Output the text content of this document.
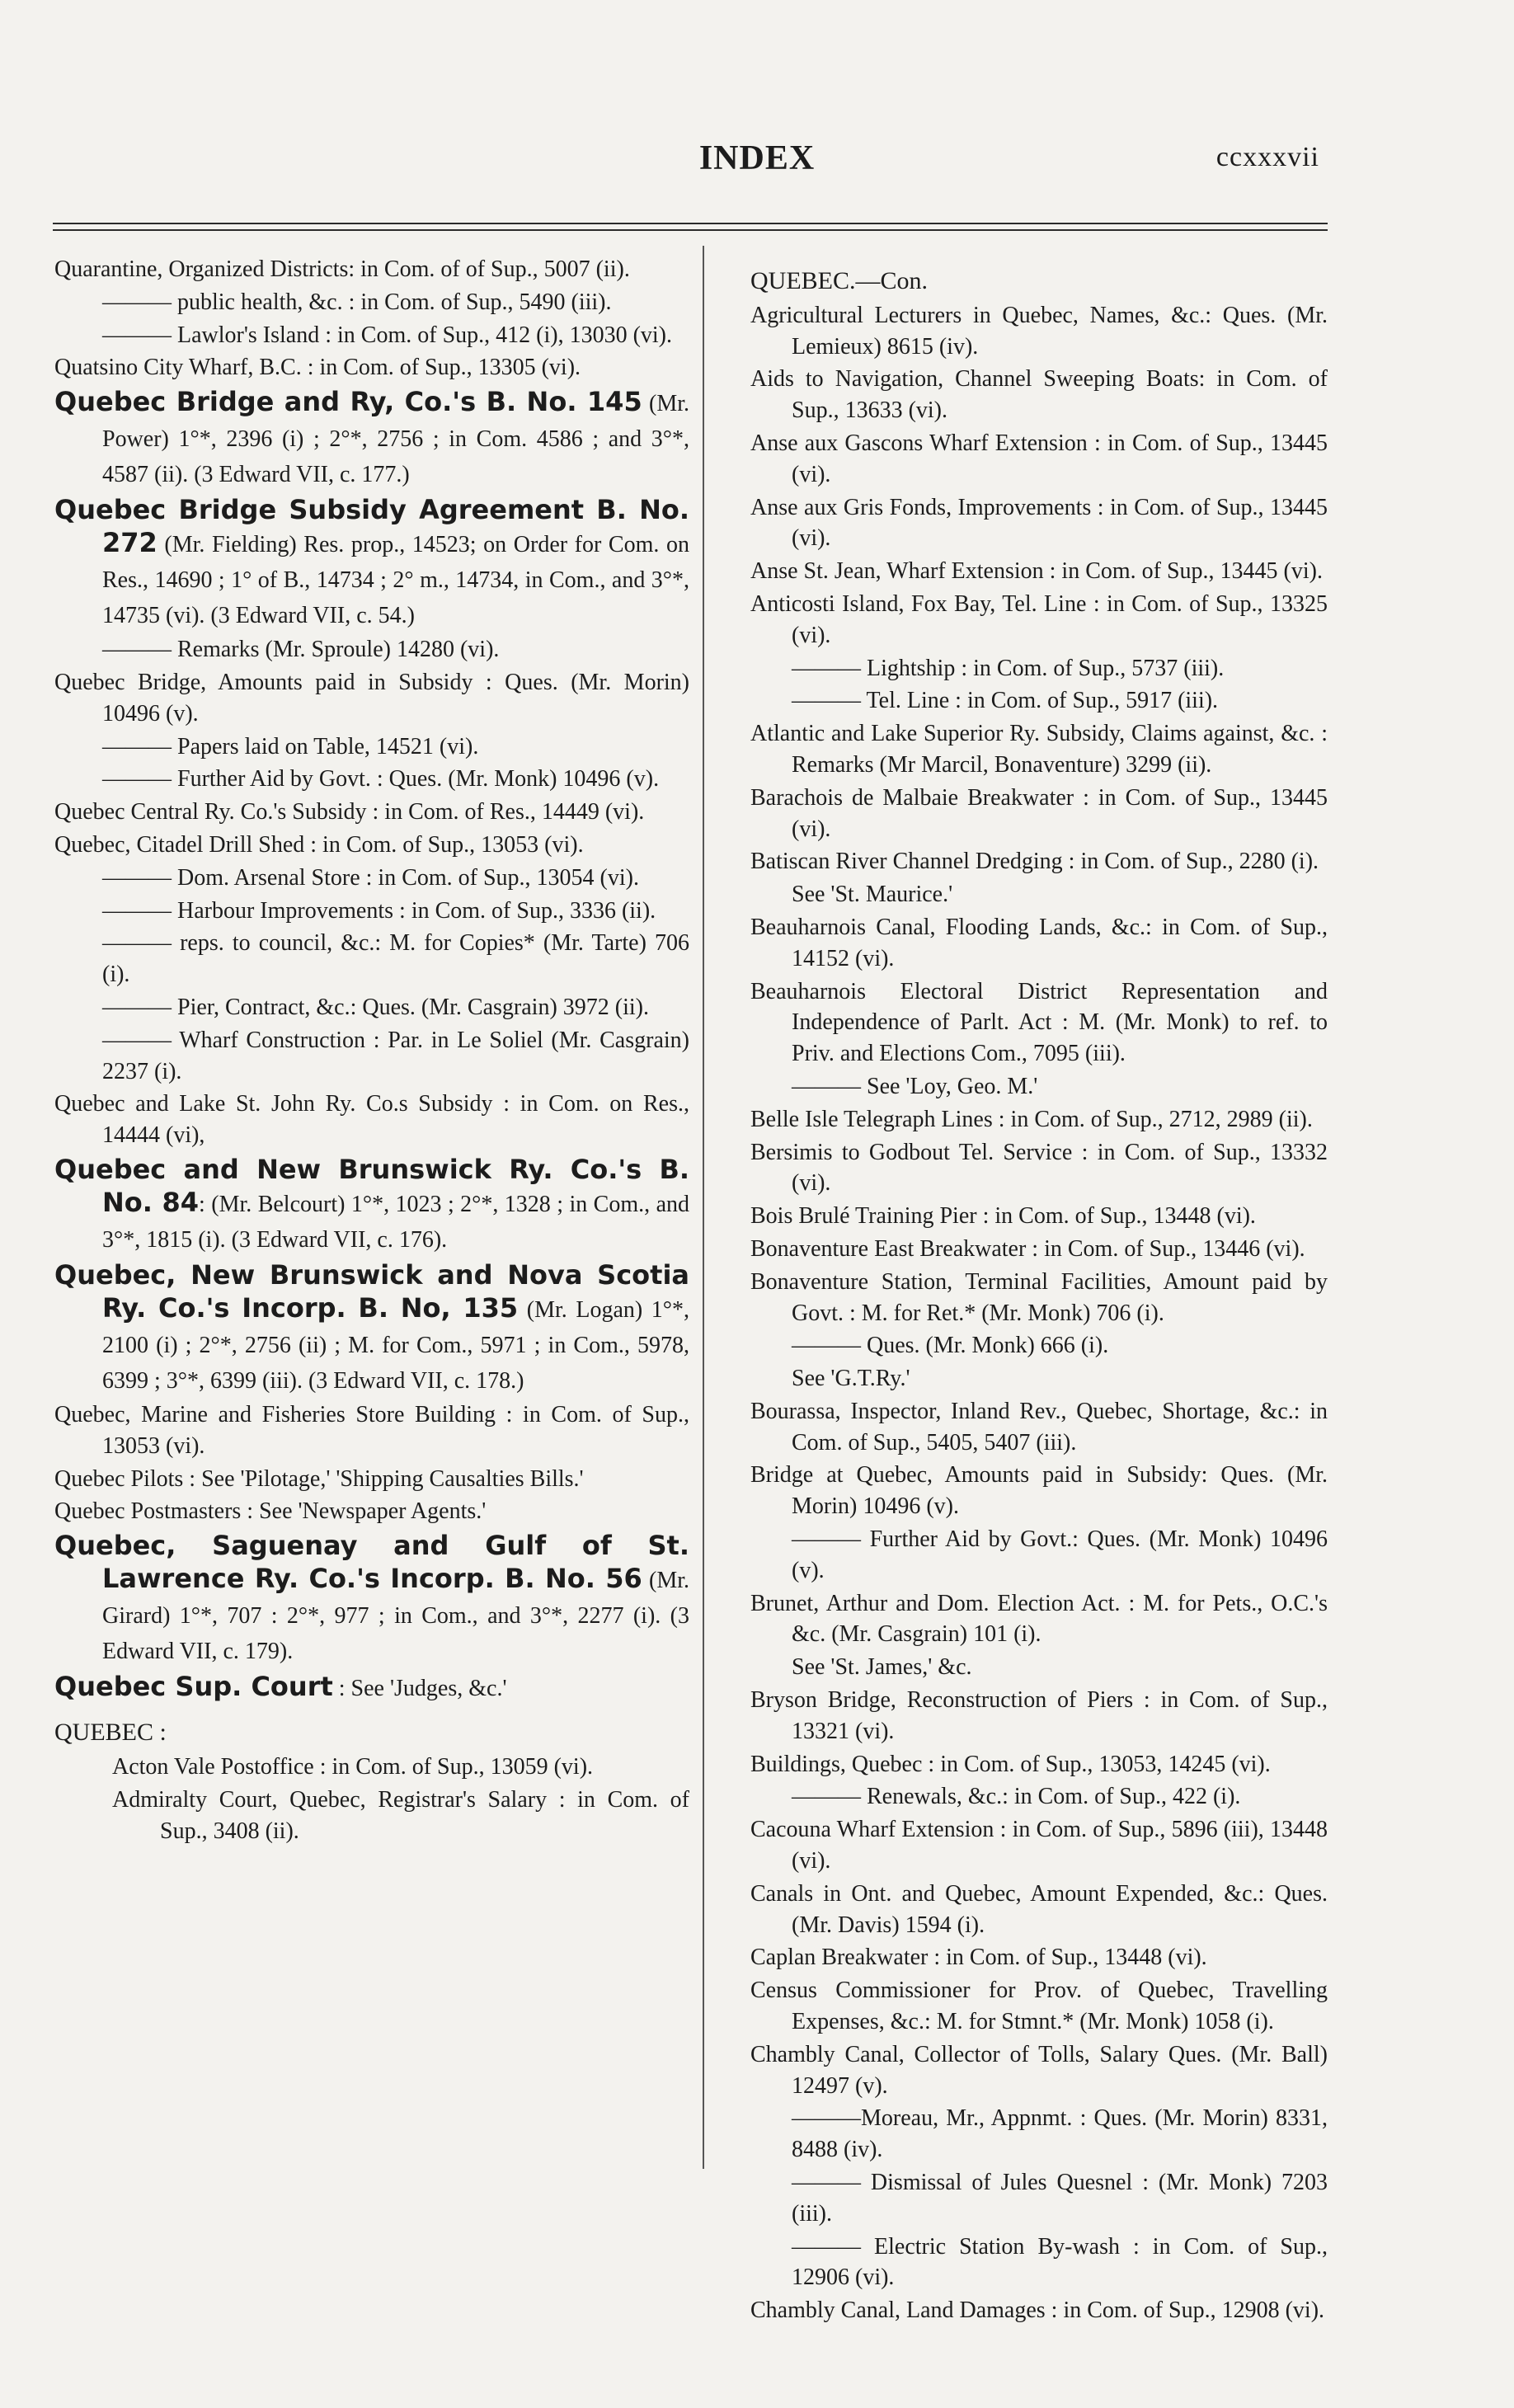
INDEX	ccxxxvii
Quarantine, Organized Districts: in Com. of of Sup., 5007 (ii).
——— public health, &c. : in Com. of Sup., 5490 (iii).
——— Lawlor's Island : in Com. of Sup., 412 (i), 13030 (vi).
Quatsino City Wharf, B.C. : in Com. of Sup., 13305 (vi).
Quebec Bridge and Ry, Co.'s B. No. 145 (Mr. Power) 1°*, 2396 (i) ; 2°*, 2756 ; in Com. 4586 ; and 3°*, 4587 (ii). (3 Edward VII, c. 177.)
Quebec Bridge Subsidy Agreement B. No. 272 (Mr. Fielding) Res. prop., 14523; on Order for Com. on Res., 14690 ; 1° of B., 14734 ; 2° m., 14734, in Com., and 3°*, 14735 (vi). (3 Edward VII, c. 54.)
——— Remarks (Mr. Sproule) 14280 (vi).
Quebec Bridge, Amounts paid in Subsidy : Ques. (Mr. Morin) 10496 (v).
——— Papers laid on Table, 14521 (vi).
——— Further Aid by Govt. : Ques. (Mr. Monk) 10496 (v).
Quebec Central Ry. Co.'s Subsidy : in Com. of Res., 14449 (vi).
Quebec, Citadel Drill Shed : in Com. of Sup., 13053 (vi).
——— Dom. Arsenal Store : in Com. of Sup., 13054 (vi).
——— Harbour Improvements : in Com. of Sup., 3336 (ii).
——— reps. to council, &c.: M. for Copies* (Mr. Tarte) 706 (i).
——— Pier, Contract, &c.: Ques. (Mr. Casgrain) 3972 (ii).
——— Wharf Construction : Par. in Le Soliel (Mr. Casgrain) 2237 (i).
Quebec and Lake St. John Ry. Co.s Subsidy : in Com. on Res., 14444 (vi),
Quebec and New Brunswick Ry. Co.'s B. No. 84: (Mr. Belcourt) 1°*, 1023 ; 2°*, 1328 ; in Com., and 3°*, 1815 (i). (3 Edward VII, c. 176).
Quebec, New Brunswick and Nova Scotia Ry. Co.'s Incorp. B. No, 135 (Mr. Logan) 1°*, 2100 (i) ; 2°*, 2756 (ii) ; M. for Com., 5971 ; in Com., 5978, 6399 ; 3°*, 6399 (iii). (3 Edward VII, c. 178.)
Quebec, Marine and Fisheries Store Building : in Com. of Sup., 13053 (vi).
Quebec Pilots : See 'Pilotage,' 'Shipping Causalties Bills.'
Quebec Postmasters : See 'Newspaper Agents.'
Quebec, Saguenay and Gulf of St. Lawrence Ry. Co.'s Incorp. B. No. 56 (Mr. Girard) 1°*, 707 : 2°*, 977 ; in Com., and 3°*, 2277 (i). (3 Edward VII, c. 179).
Quebec Sup. Court : See 'Judges, &c.'
QUEBEC :
Acton Vale Postoffice : in Com. of Sup., 13059 (vi).
Admiralty Court, Quebec, Registrar's Salary : in Com. of Sup., 3408 (ii).
QUEBEC.—Con.
Agricultural Lecturers in Quebec, Names, &c.: Ques. (Mr. Lemieux) 8615 (iv).
Aids to Navigation, Channel Sweeping Boats: in Com. of Sup., 13633 (vi).
Anse aux Gascons Wharf Extension : in Com. of Sup., 13445 (vi).
Anse aux Gris Fonds, Improvements : in Com. of Sup., 13445 (vi).
Anse St. Jean, Wharf Extension : in Com. of Sup., 13445 (vi).
Anticosti Island, Fox Bay, Tel. Line : in Com. of Sup., 13325 (vi).
——— Lightship : in Com. of Sup., 5737 (iii).
——— Tel. Line : in Com. of Sup., 5917 (iii).
Atlantic and Lake Superior Ry. Subsidy, Claims against, &c. : Remarks (Mr Marcil, Bonaventure) 3299 (ii).
Barachois de Malbaie Breakwater : in Com. of Sup., 13445 (vi).
Batiscan River Channel Dredging : in Com. of Sup., 2280 (i).
See 'St. Maurice.'
Beauharnois Canal, Flooding Lands, &c.: in Com. of Sup., 14152 (vi).
Beauharnois Electoral District Representation and Independence of Parlt. Act : M. (Mr. Monk) to ref. to Priv. and Elections Com., 7095 (iii).
——— See 'Loy, Geo. M.'
Belle Isle Telegraph Lines : in Com. of Sup., 2712, 2989 (ii).
Bersimis to Godbout Tel. Service : in Com. of Sup., 13332 (vi).
Bois Brulé Training Pier : in Com. of Sup., 13448 (vi).
Bonaventure East Breakwater : in Com. of Sup., 13446 (vi).
Bonaventure Station, Terminal Facilities, Amount paid by Govt. : M. for Ret.* (Mr. Monk) 706 (i).
——— Ques. (Mr. Monk) 666 (i).
See 'G.T.Ry.'
Bourassa, Inspector, Inland Rev., Quebec, Shortage, &c.: in Com. of Sup., 5405, 5407 (iii).
Bridge at Quebec, Amounts paid in Subsidy: Ques. (Mr. Morin) 10496 (v).
——— Further Aid by Govt.: Ques. (Mr. Monk) 10496 (v).
Brunet, Arthur and Dom. Election Act. : M. for Pets., O.C.'s &c. (Mr. Casgrain) 101 (i).
See 'St. James,' &c.
Bryson Bridge, Reconstruction of Piers : in Com. of Sup., 13321 (vi).
Buildings, Quebec : in Com. of Sup., 13053, 14245 (vi).
——— Renewals, &c.: in Com. of Sup., 422 (i).
Cacouna Wharf Extension : in Com. of Sup., 5896 (iii), 13448 (vi).
Canals in Ont. and Quebec, Amount Expended, &c.: Ques. (Mr. Davis) 1594 (i).
Caplan Breakwater : in Com. of Sup., 13448 (vi).
Census Commissioner for Prov. of Quebec, Travelling Expenses, &c.: M. for Stmnt.* (Mr. Monk) 1058 (i).
Chambly Canal, Collector of Tolls, Salary Ques. (Mr. Ball) 12497 (v).
———Moreau, Mr., Appnmt. : Ques. (Mr. Morin) 8331, 8488 (iv).
——— Dismissal of Jules Quesnel : (Mr. Monk) 7203 (iii).
——— Electric Station By-wash : in Com. of Sup., 12906 (vi).
Chambly Canal, Land Damages : in Com. of Sup., 12908 (vi).
